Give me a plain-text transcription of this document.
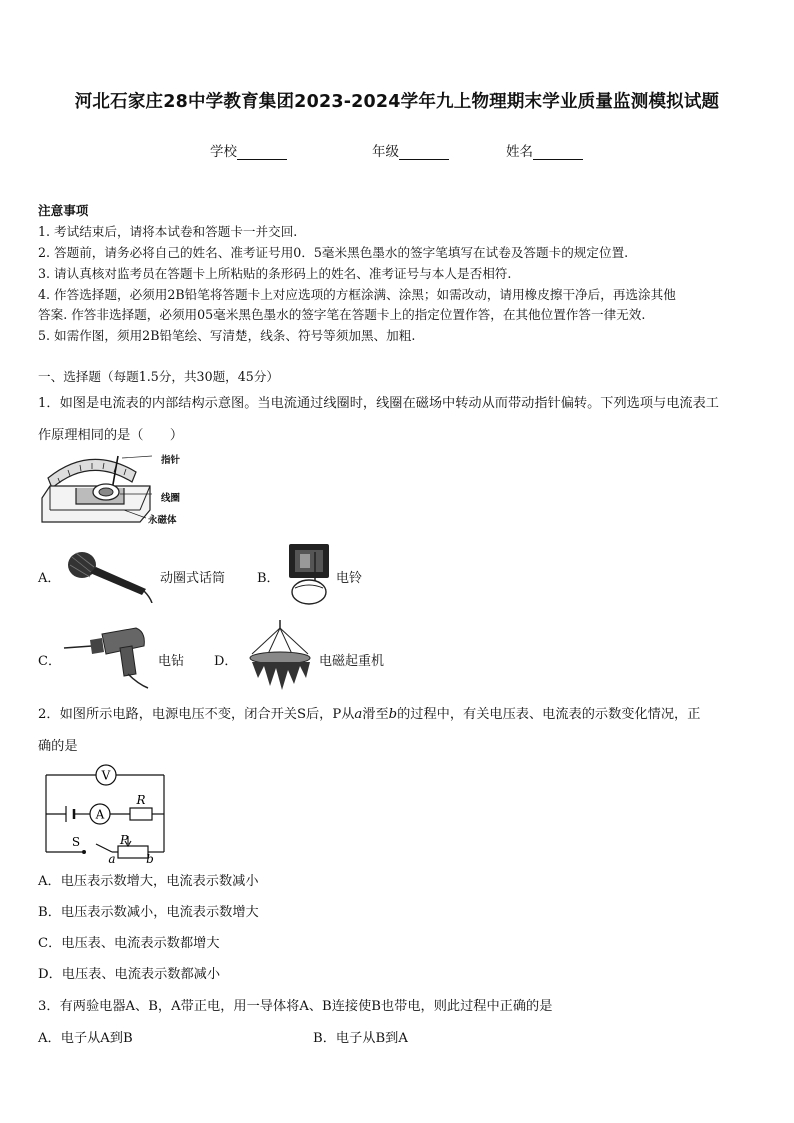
河北石家庄28中学教育集团2023-2024学年九上物理期末学业质量监测模拟试题
学校	年级	姓名
注意事项
1. 考试结束后，请将本试卷和答题卡一并交回.
2. 答题前，请务必将自己的姓名、准考证号用0．5毫米黑色墨水的签字笔填写在试卷及答题卡的规定位置.
3. 请认真核对监考员在答题卡上所粘贴的条形码上的姓名、准考证号与本人是否相符.
4. 作答选择题，必须用2B铅笔将答题卡上对应选项的方框涂满、涂黑；如需改动，请用橡皮擦干净后，再选涂其他
答案. 作答非选择题，必须用05毫米黑色墨水的签字笔在答题卡上的指定位置作答，在其他位置作答一律无效.
5. 如需作图，须用2B铅笔绘、写清楚，线条、符号等须加黑、加粗.
一、选择题（每题1.5分，共30题，45分）
1．如图是电流表的内部结构示意图。当电流通过线圈时，线圈在磁场中转动从而带动指针偏转。下列选项与电流表工
作原理相同的是（　　）
指针
线圈
永磁体
A．	动圈式话筒 B．	电铃
C．	电钻 D．	电磁起重机
2．如图所示电路，电源电压不变，闭合开关S后，P从a滑至b的过程中，有关电压表、电流表的示数变化情况，正
确的是
V
A
R
S	P
a	b
A．电压表示数增大，电流表示数减小
B．电压表示数减小，电流表示数增大
C．电压表、电流表示数都增大
D．电压表、电流表示数都减小
3．有两验电器A、B，A带正电，用一导体将A、B连接使B也带电，则此过程中正确的是
A．电子从A到B	B．电子从B到A
